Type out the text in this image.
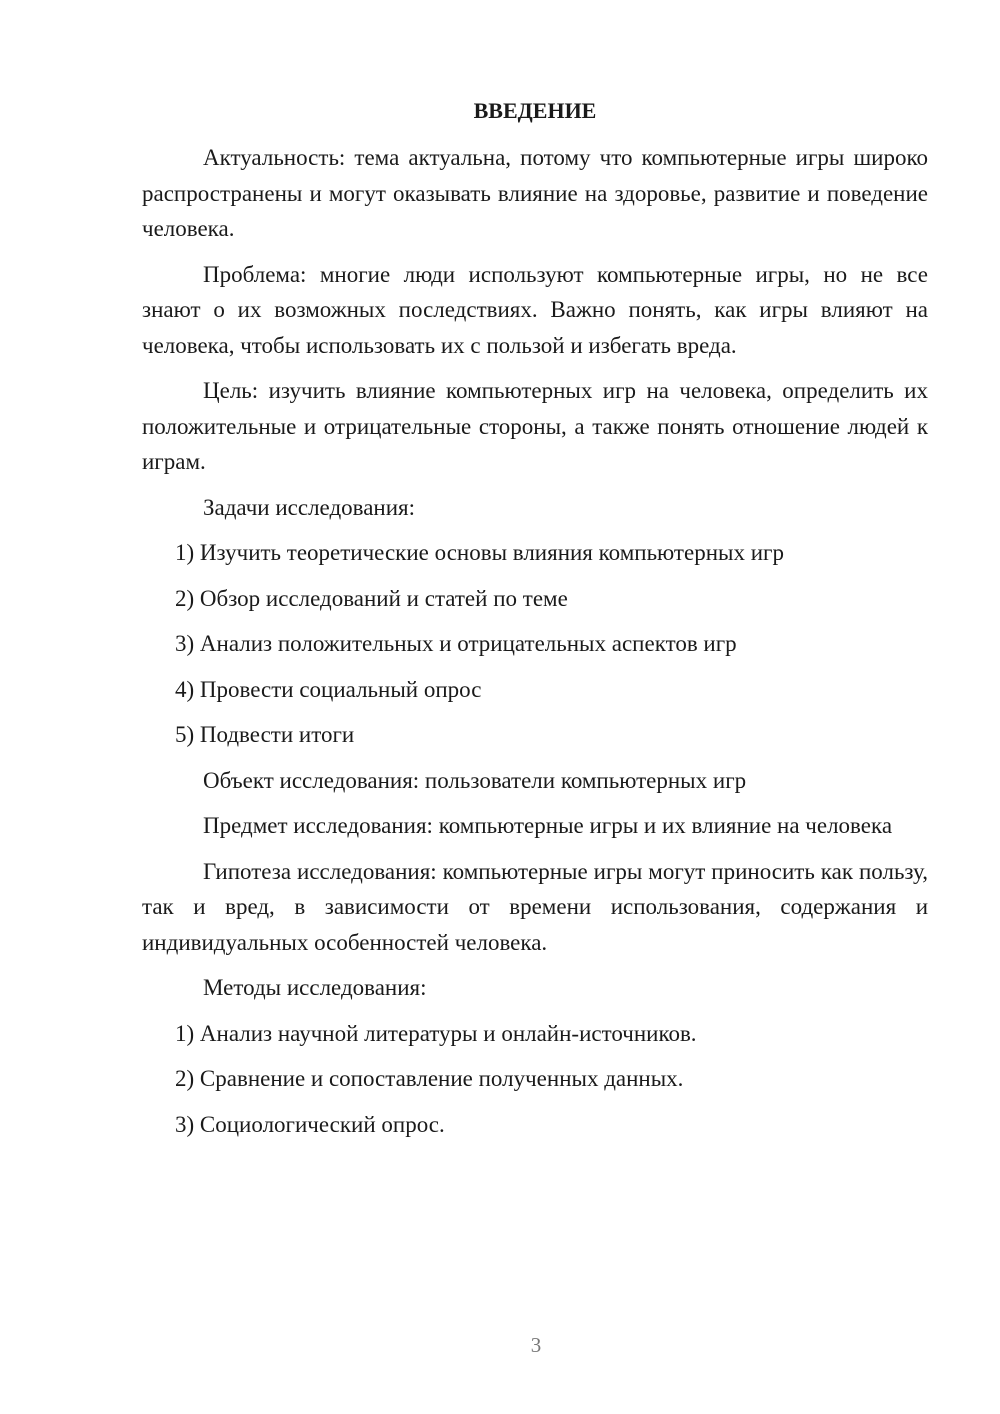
ВВЕДЕНИЕ

Актуальность: тема актуальна, потому что компьютерные игры широко распространены и могут оказывать влияние на здоровье, развитие и поведение человека.

Проблема: многие люди используют компьютерные игры, но не все знают о их возможных последствиях. Важно понять, как игры влияют на человека, чтобы использовать их с пользой и избегать вреда.

Цель: изучить влияние компьютерных игр на человека, определить их положительные и отрицательные стороны, а также понять отношение людей к играм.

Задачи исследования:

1) Изучить теоретические основы влияния компьютерных игр

2) Обзор исследований и статей по теме

3) Анализ положительных и отрицательных аспектов игр

4) Провести социальный опрос

5) Подвести итоги

Объект исследования: пользователи компьютерных игр

Предмет исследования: компьютерные игры и их влияние на человека

Гипотеза исследования: компьютерные игры могут приносить как пользу, так и вред, в зависимости от времени использования, содержания и индивидуальных особенностей человека.

Методы исследования:

1) Анализ научной литературы и онлайн-источников.

2) Сравнение и сопоставление полученных данных.

3) Социологический опрос.

3
